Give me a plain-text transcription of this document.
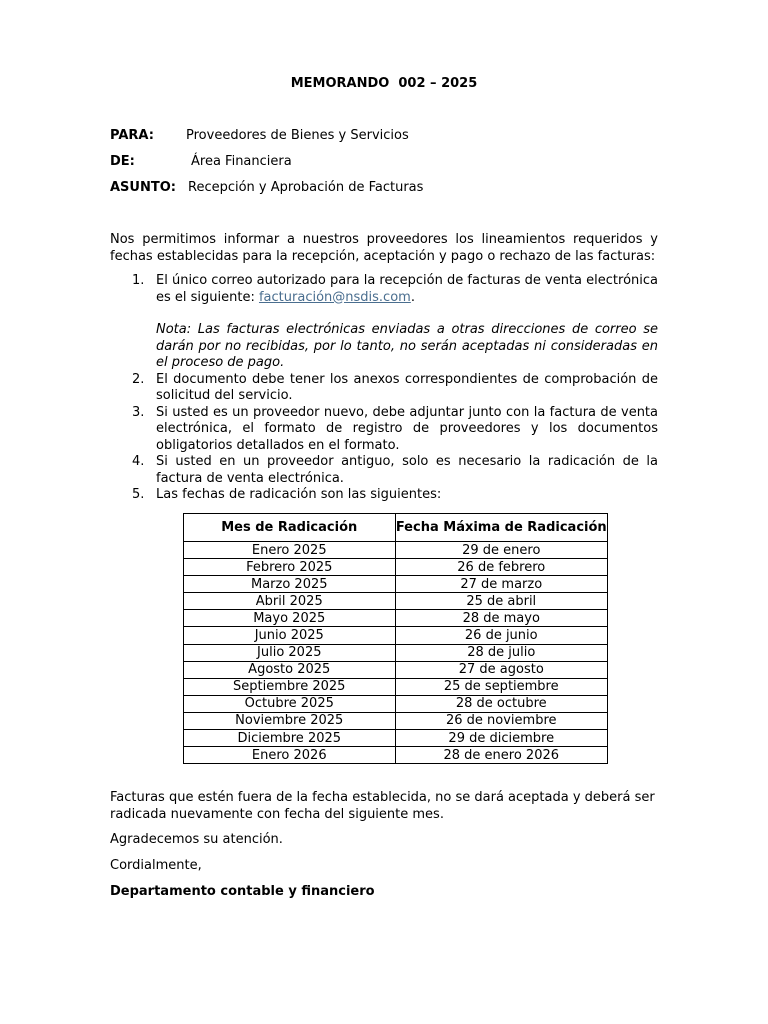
MEMORANDO  002 – 2025
PARA: Proveedores de Bienes y Servicios
DE:	Área Financiera
ASUNTO: Recepción y Aprobación de Facturas

Nos permitimos informar a nuestros proveedores los lineamientos requeridos y fechas establecidas para la recepción, aceptación y pago o rechazo de las facturas:

1. El único correo autorizado para la recepción de facturas de venta electrónica es el siguiente: facturación@nsdis.com.
Nota: Las facturas electrónicas enviadas a otras direcciones de correo se darán por no recibidas, por lo tanto, no serán aceptadas ni consideradas en el proceso de pago.
2. El documento debe tener los anexos correspondientes de comprobación de solicitud del servicio.
3. Si usted es un proveedor nuevo, debe adjuntar junto con la factura de venta electrónica, el formato de registro de proveedores y los documentos obligatorios detallados en el formato.
4. Si usted en un proveedor antiguo, solo es necesario la radicación de la factura de venta electrónica.
5. Las fechas de radicación son las siguientes:
Mes de Radicación	Fecha Máxima de Radicación
Enero 2025	29 de enero
Febrero 2025	26 de febrero
Marzo 2025	27 de marzo
Abril 2025	25 de abril
Mayo 2025	28 de mayo
Junio 2025	26 de junio
Julio 2025	28 de julio
Agosto 2025	27 de agosto
Septiembre 2025	25 de septiembre
Octubre 2025	28 de octubre
Noviembre 2025	26 de noviembre
Diciembre 2025	29 de diciembre
Enero 2026	28 de enero 2026

Facturas que estén fuera de la fecha establecida, no se dará aceptada y deberá ser radicada nuevamente con fecha del siguiente mes.

Agradecemos su atención.

Cordialmente,

Departamento contable y financiero
